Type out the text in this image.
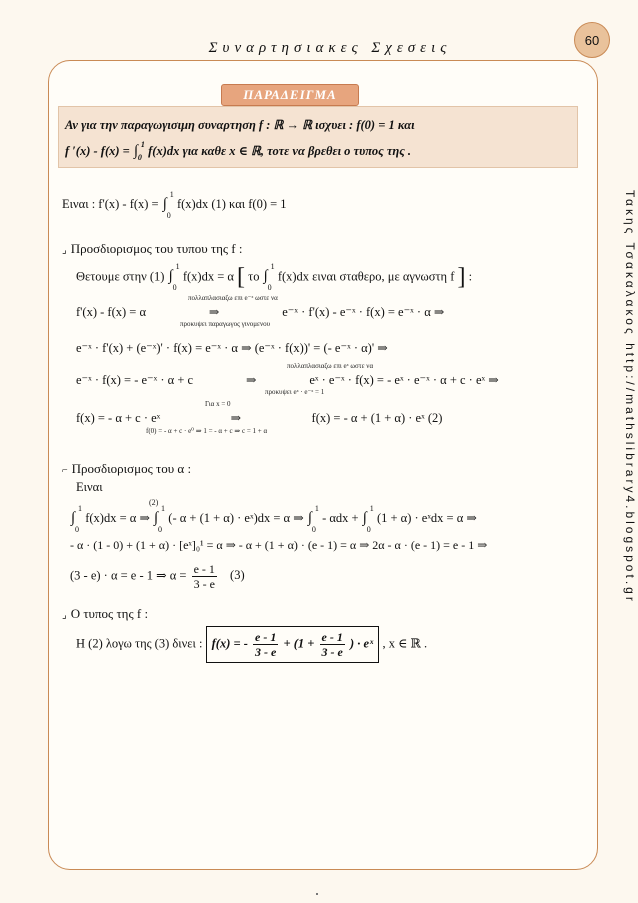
60
Συναρτησιακες Σχεσεις
Τακης Τσακαλακος http://mathslibrary4.blogspot.gr
ΠΑΡΑΔΕΙΓΜΑ
Αν για την παραγωγισιμη συναρτηση f : ℝ → ℝ ισχυει : f(0) = 1 και
f ′(x) - f(x) = ∫ 1
0 f(x)dx για καθε x ∈ ℝ, τοτε να βρεθει ο τυπος της .
Ειναι : f'(x) - f(x) = ∫
1
0
f(x)dx (1) και f(0) = 1
⌟ Προσδιορισμος του τυπου της f :
Θετουμε στην (1) ∫
1
0
f(x)dx = α [ το ∫
1
0
f(x)dx ειναι σταθερο, με αγνωστη f ] :
πολλαπλασιαζω επι e⁻ˣ ωστε να
f'(x) - f(x) = α	⇒	e⁻ˣ · f'(x) - e⁻ˣ · f(x) = e⁻ˣ · α ⇒
προκυψει παραγωγος γινομενου
e⁻ˣ · f'(x) + (e⁻ˣ)' · f(x) = e⁻ˣ · α ⇒ (e⁻ˣ · f(x))' = (- e⁻ˣ · α)' ⇒
πολλαπλασιαζω επι eˣ ωστε να
e⁻ˣ · f(x) = - e⁻ˣ · α + c	⇒	eˣ · e⁻ˣ · f(x) = - eˣ · e⁻ˣ · α + c · eˣ ⇒
προκυψει eˣ · e⁻ˣ = 1
Για x = 0
f(x) = - α + c · eˣ	⇒	f(x) = - α + (1 + α) · eˣ (2)
f(0) = - α + c · e⁰ ⇒ 1 = - α + c ⇒ c = 1 + α
⌐ Προσδιορισμος του α :
Ειναι
(2)
∫
1
0
f(x)dx = α ⇒ ∫
1
0
(- α + (1 + α) · eˣ)dx = α ⇒ ∫
1
0
- αdx + ∫
1
0
(1 + α) · eˣdx = α ⇒
- α · (1 - 0) + (1 + α) · [eˣ]₀¹ = α ⇒ - α + (1 + α) · (e - 1) = α ⇒ 2α - α · (e - 1) = e - 1 ⇒
(3 - e) · α = e - 1 ⇒ $\alpha = \frac{e - 1}{3 - e} (3)$
⌟ Ο τυπος της f :
Η (2) λογω της (3) δινει : f(x) = - $\frac{e - 1}{3 - e} + (1 + \frac{e - 1}{3 - e}$ ) · eˣ , x ∈ ℝ .
